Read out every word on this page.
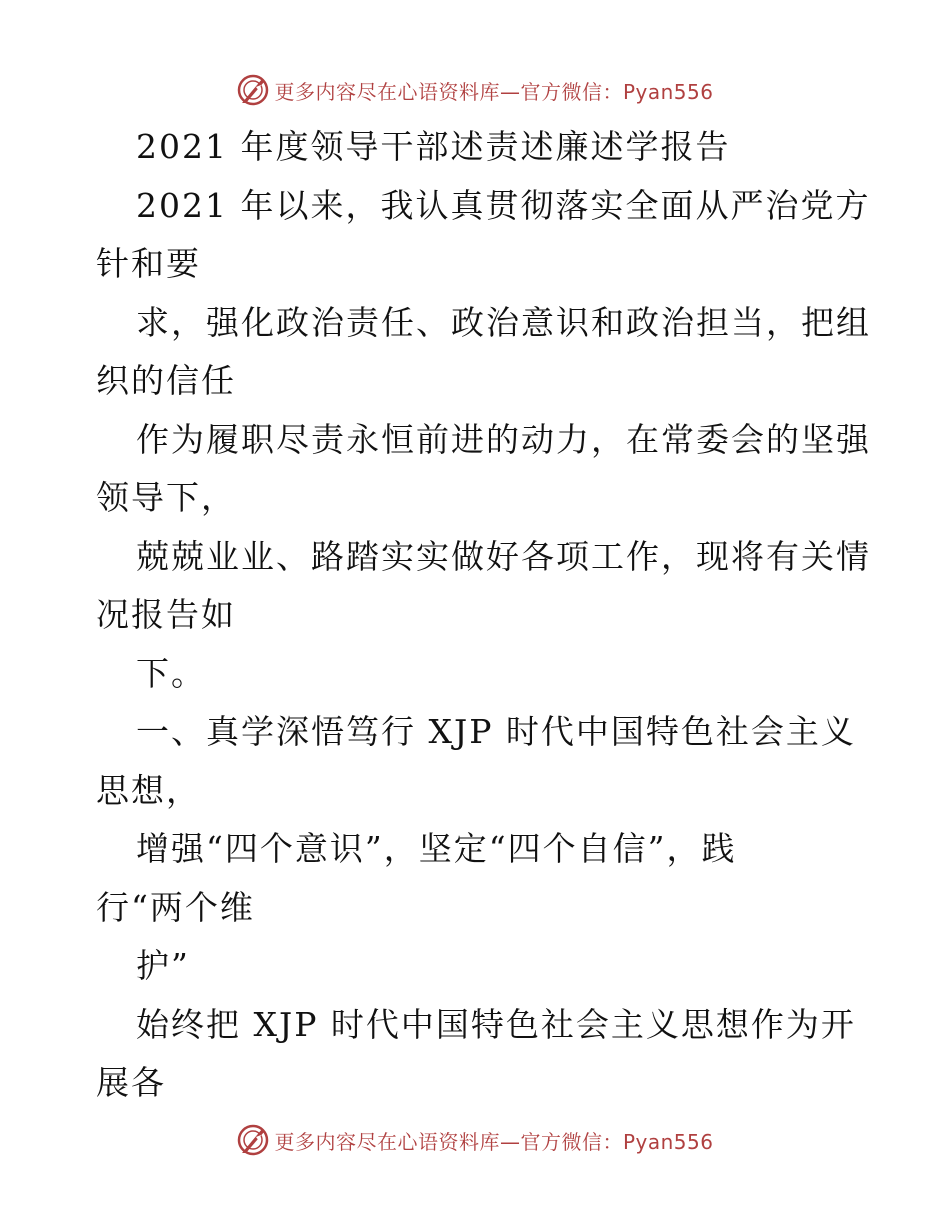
更多内容尽在心语资料库—官方微信：Pyan556
2021 年度领导干部述责述廉述学报告
2021 年以来，我认真贯彻落实全面从严治党方
针和要
求，强化政治责任、政治意识和政治担当，把组
织的信任
作为履职尽责永恒前进的动力，在常委会的坚强
领导下，
兢兢业业、路踏实实做好各项工作，现将有关情
况报告如
下。
一、真学深悟笃行 XJP 时代中国特色社会主义
思想，
增强“四个意识”，坚定“四个自信”，践
行“两个维
护”
始终把 XJP 时代中国特色社会主义思想作为开
展各
更多内容尽在心语资料库—官方微信：Pyan556
